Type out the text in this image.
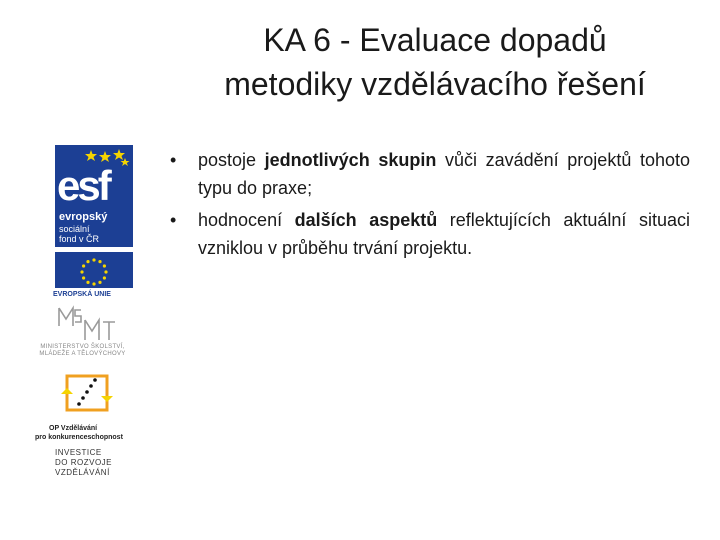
KA 6 - Evaluace dopadů
metodiky vzdělávacího řešení
• postoje jednotlivých skupin vůči zavádění projektů tohoto typu do praxe;
• hodnocení dalších aspektů reflektujících aktuální situaci vzniklou v průběhu trvání projektu.
esf
evropský
sociální
fond v ČR
EVROPSKÁ UNIE
MINISTERSTVO ŠKOLSTVÍ,
MLÁDEŽE A TĚLOVÝCHOVY
OP Vzdělávání
pro konkurenceschopnost
INVESTICE
DO ROZVOJE
VZDĚLÁVÁNÍ
